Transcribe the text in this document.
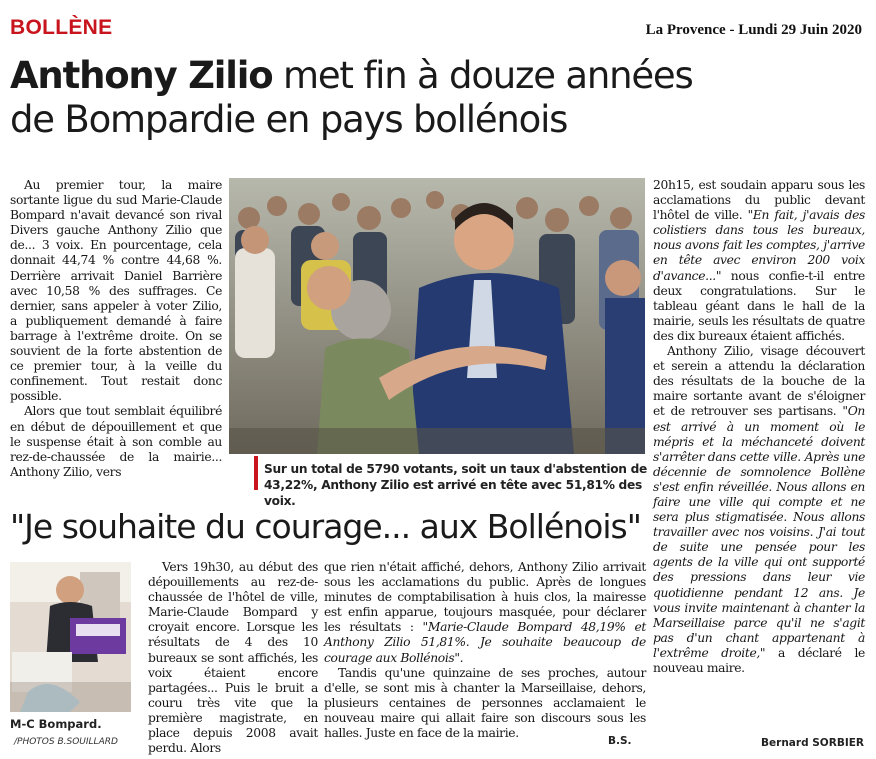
BOLLÈNE	La Provence - Lundi 29 Juin 2020
Anthony Zilio met fin à douze années
de Bompardie en pays bollénois

Au premier tour, la maire sortante ligue du sud Marie-Claude Bompard n'avait devancé son rival Divers gauche Anthony Zilio que de... 3 voix. En pourcentage, cela donnait 44,74 % contre 44,68 %. Derrière arrivait Daniel Barrière avec 10,58 % des suffrages. Ce dernier, sans appeler à voter Zilio, a publiquement demandé à faire barrage à l'extrême droite. On se souvient de la forte abstention de ce premier tour, à la veille du confinement. Tout restait donc possible.

Alors que tout semblait équilibré en début de dépouillement et que le suspense était à son comble au rez-de-chaussée de la mairie... Anthony Zilio, vers	Sur un total de 5790 votants, soit un taux d'abstention de 43,22%, Anthony Zilio est arrivé en tête avec 51,81% des voix.

20h15, est soudain apparu sous les acclamations du public devant l'hôtel de ville. "En fait, j'avais des colistiers dans tous les bureaux, nous avons fait les comptes, j'arrive en tête avec environ 200 voix d'avance..." nous confie-t-il entre deux congratulations. Sur le tableau géant dans le hall de la mairie, seuls les résultats de quatre des dix bureaux étaient affichés.

Anthony Zilio, visage découvert et serein a attendu la déclaration des résultats de la bouche de la maire sortante avant de s'éloigner et de retrouver ses partisans. "On est arrivé à un moment où le mépris et la méchanceté doivent s'arrêter dans cette ville. Après une décennie de somnolence Bollène s'est enfin réveillée. Nous allons en faire une ville qui compte et ne sera plus stigmatisée. Nous allons travailler avec nos voisins. J'ai tout de suite une pensée pour les agents de la ville qui ont supporté des pressions dans leur vie quotidienne pendant 12 ans. Je vous invite maintenant à chanter la Marseillaise parce qu'il ne s'agit pas d'un chant appartenant à l'extrême droite," a déclaré le nouveau maire.

Bernard SORBIER
"Je souhaite du courage... aux Bollénois"
M-C Bompard.
/PHOTOS B.SOUILLARD

Vers 19h30, au début des dépouillements au rez-de-chaussée de l'hôtel de ville, Marie-Claude Bompard y croyait encore. Lorsque les résultats de 4 des 10 bureaux se sont affichés, les voix étaient encore partagées... Puis le bruit a couru très vite que la première magistrate, en place depuis 2008 avait perdu. Alors

que rien n'était affiché, dehors, Anthony Zilio arrivait sous les acclamations du public. Après de longues minutes de comptabilisation à huis clos, la mairesse est enfin apparue, toujours masquée, pour déclarer les résultats : "Marie-Claude Bompard 48,19% et Anthony Zilio 51,81%. Je souhaite beaucoup de courage aux Bollénois".

Tandis qu'une quinzaine de ses proches, autour d'elle, se sont mis à chanter la Marseillaise, dehors, plusieurs centaines de personnes acclamaient le nouveau maire qui allait faire son discours sous les halles. Juste en face de la mairie.

B.S.
